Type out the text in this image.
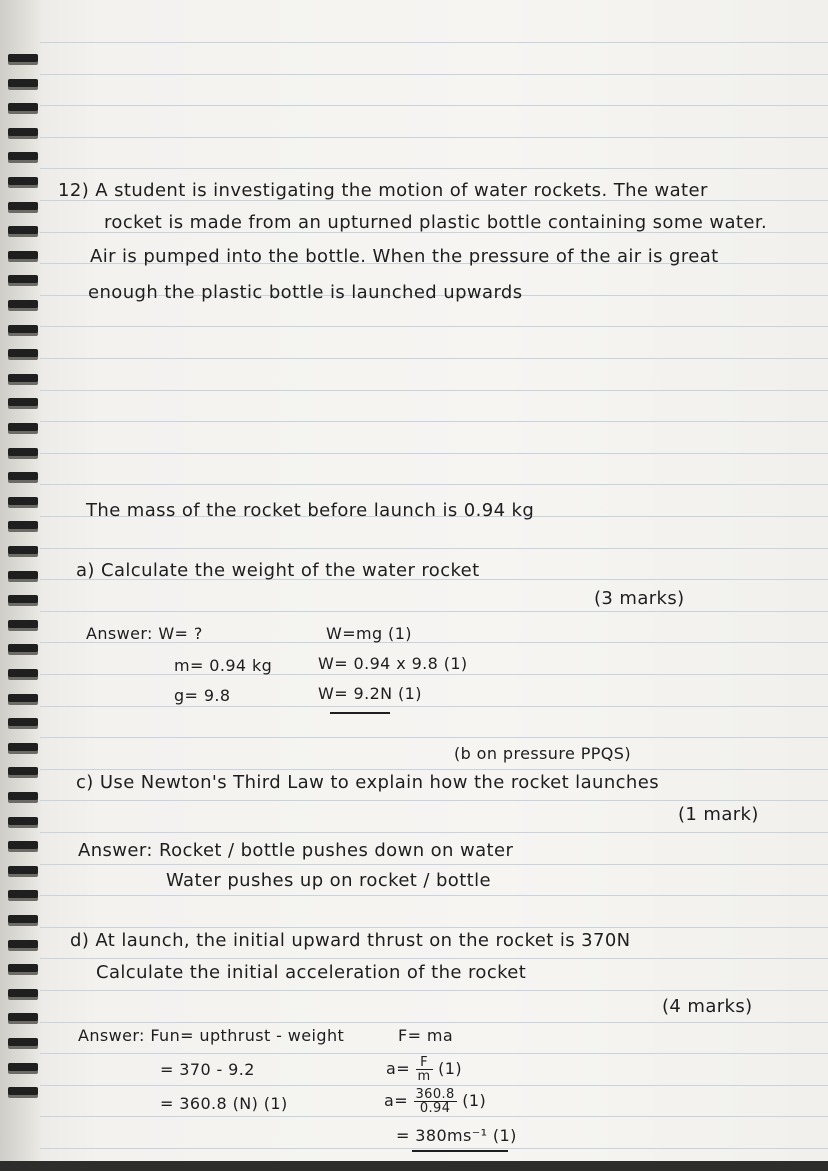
12) A student is investigating the motion of water rockets. The water
rocket is made from an upturned plastic bottle containing some water.
Air is pumped into the bottle. When the pressure of the air is great
enough the plastic bottle is launched upwards
The mass of the rocket before launch is 0.94 kg
a) Calculate the weight of the water rocket
(3 marks)
Answer: W= ?
m= 0.94 kg
g= 9.8
W=mg (1)
W= 0.94 x 9.8 (1)
W= 9.2N (1)
(b on pressure PPQS)
c) Use Newton's Third Law to explain how the rocket launches
(1 mark)
Answer: Rocket / bottle pushes down on water
Water pushes up on rocket / bottle
d) At launch, the initial upward thrust on the rocket is 370N
Calculate the initial acceleration of the rocket
(4 marks)
Answer: Fun= upthrust - weight
= 370 - 9.2
= 360.8 (N) (1)
F= ma
$a= \frac{F}{m} (1)$
$a= \frac{360.8}{0.94} (1)$
= 380ms⁻¹ (1)
